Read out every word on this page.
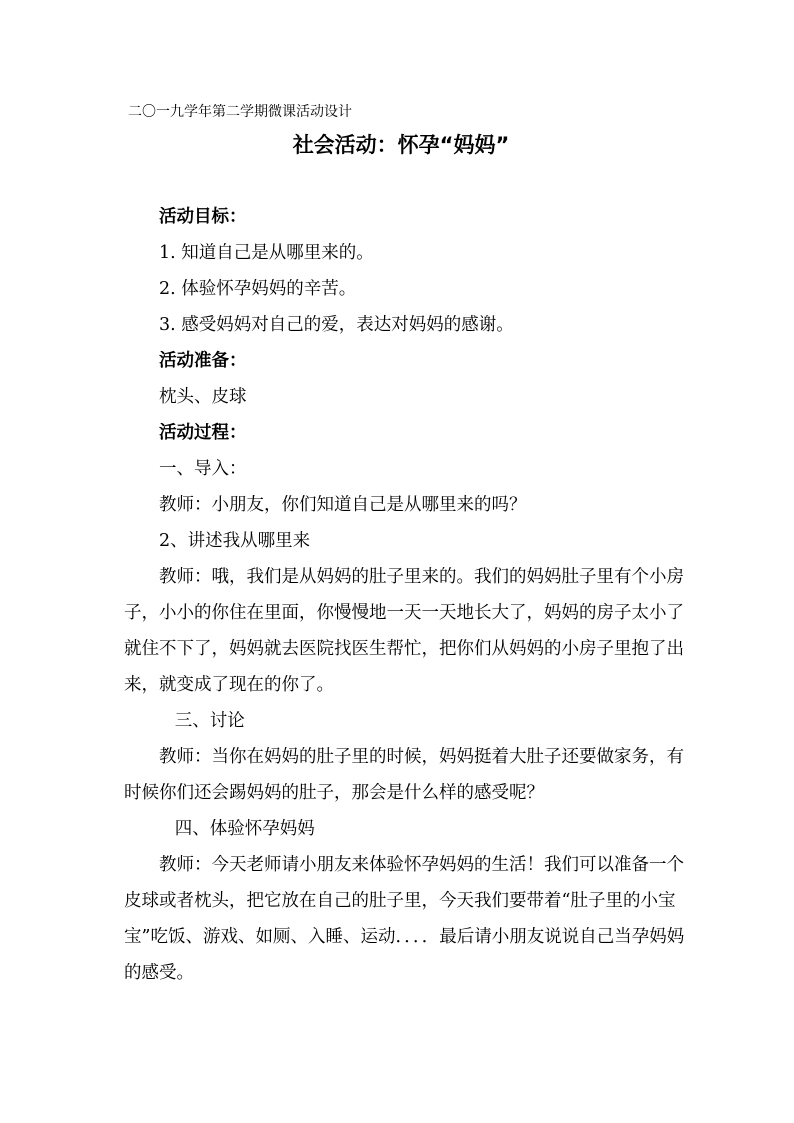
二〇一九学年第二学期微课活动设计
社会活动：怀孕“妈妈”
活动目标：
1. 知道自己是从哪里来的。
2. 体验怀孕妈妈的辛苦。
3. 感受妈妈对自己的爱，表达对妈妈的感谢。
活动准备：
枕头、皮球
活动过程：
一、导入：
教师：小朋友，你们知道自己是从哪里来的吗？
2、讲述我从哪里来
教师：哦，我们是从妈妈的肚子里来的。我们的妈妈肚子里有个小房子，小小的你住在里面，你慢慢地一天一天地长大了，妈妈的房子太小了就住不下了，妈妈就去医院找医生帮忙，把你们从妈妈的小房子里抱了出来，就变成了现在的你了。
三、讨论
教师：当你在妈妈的肚子里的时候，妈妈挺着大肚子还要做家务，有时候你们还会踢妈妈的肚子，那会是什么样的感受呢？
四、体验怀孕妈妈
教师：今天老师请小朋友来体验怀孕妈妈的生活！我们可以准备一个皮球或者枕头，把它放在自己的肚子里，今天我们要带着“肚子里的小宝宝”吃饭、游戏、如厕、入睡、运动．．．．最后请小朋友说说自己当孕妈妈的感受。
